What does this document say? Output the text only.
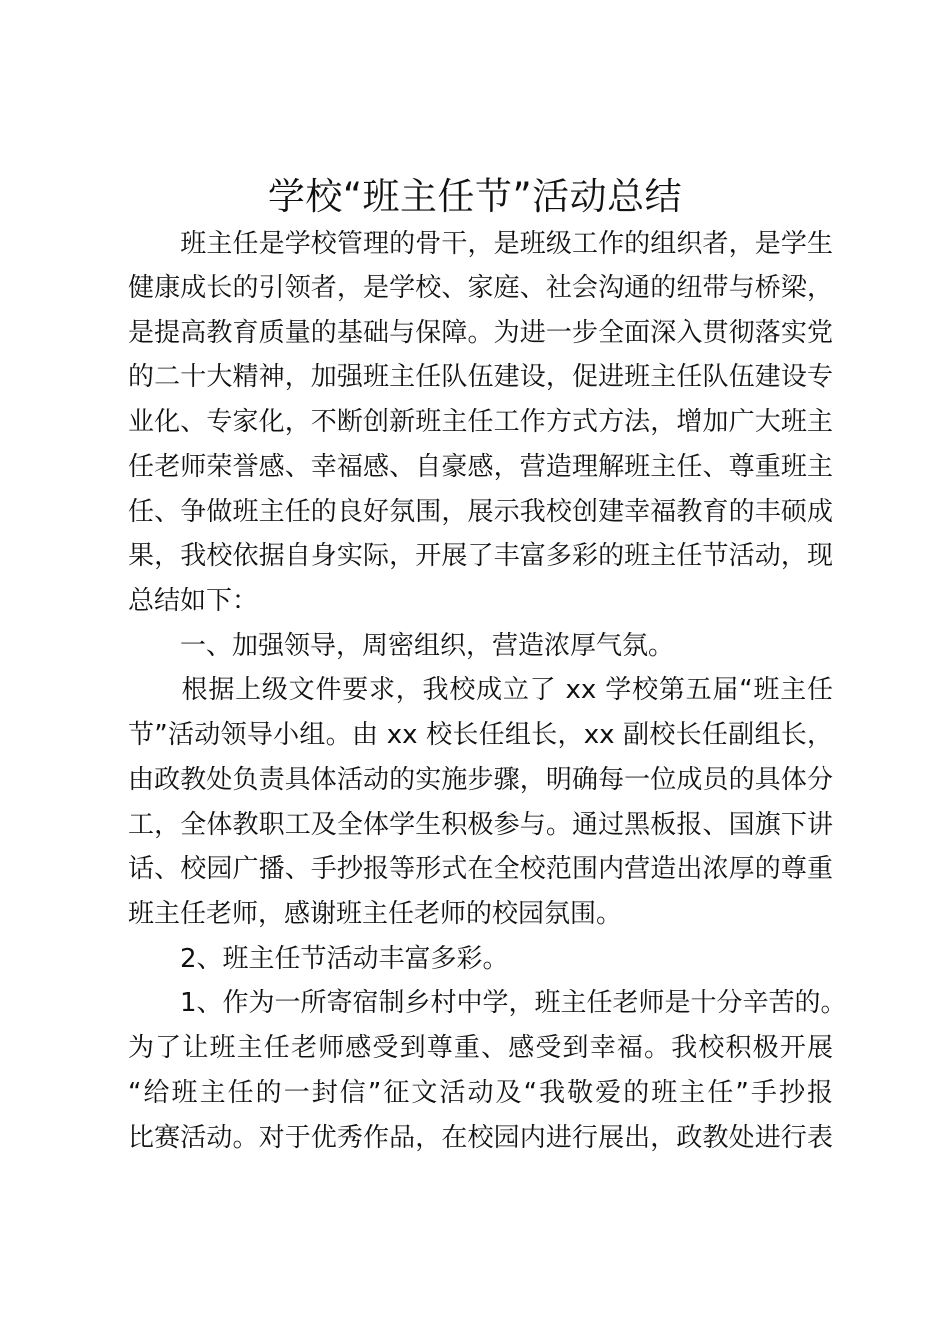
学校“班主任节”活动总结
　　班主任是学校管理的骨干，是班级工作的组织者，是学生
健康成长的引领者，是学校、家庭、社会沟通的纽带与桥梁，
是提高教育质量的基础与保障。为进一步全面深入贯彻落实党
的二十大精神，加强班主任队伍建设，促进班主任队伍建设专
业化、专家化，不断创新班主任工作方式方法，增加广大班主
任老师荣誉感、幸福感、自豪感，营造理解班主任、尊重班主
任、争做班主任的良好氛围，展示我校创建幸福教育的丰硕成
果，我校依据自身实际，开展了丰富多彩的班主任节活动，现
总结如下：
　　一、加强领导，周密组织，营造浓厚气氛。
　　根据上级文件要求，我校成立了 xx 学校第五届“班主任
节”活动领导小组。由 xx 校长任组长，xx 副校长任副组长，
由政教处负责具体活动的实施步骤，明确每一位成员的具体分
工，全体教职工及全体学生积极参与。通过黑板报、国旗下讲
话、校园广播、手抄报等形式在全校范围内营造出浓厚的尊重
班主任老师，感谢班主任老师的校园氛围。
　　2、班主任节活动丰富多彩。
　　1、作为一所寄宿制乡村中学，班主任老师是十分辛苦的。
为了让班主任老师感受到尊重、感受到幸福。我校积极开展
“给班主任的一封信”征文活动及“我敬爱的班主任”手抄报
比赛活动。对于优秀作品，在校园内进行展出，政教处进行表
